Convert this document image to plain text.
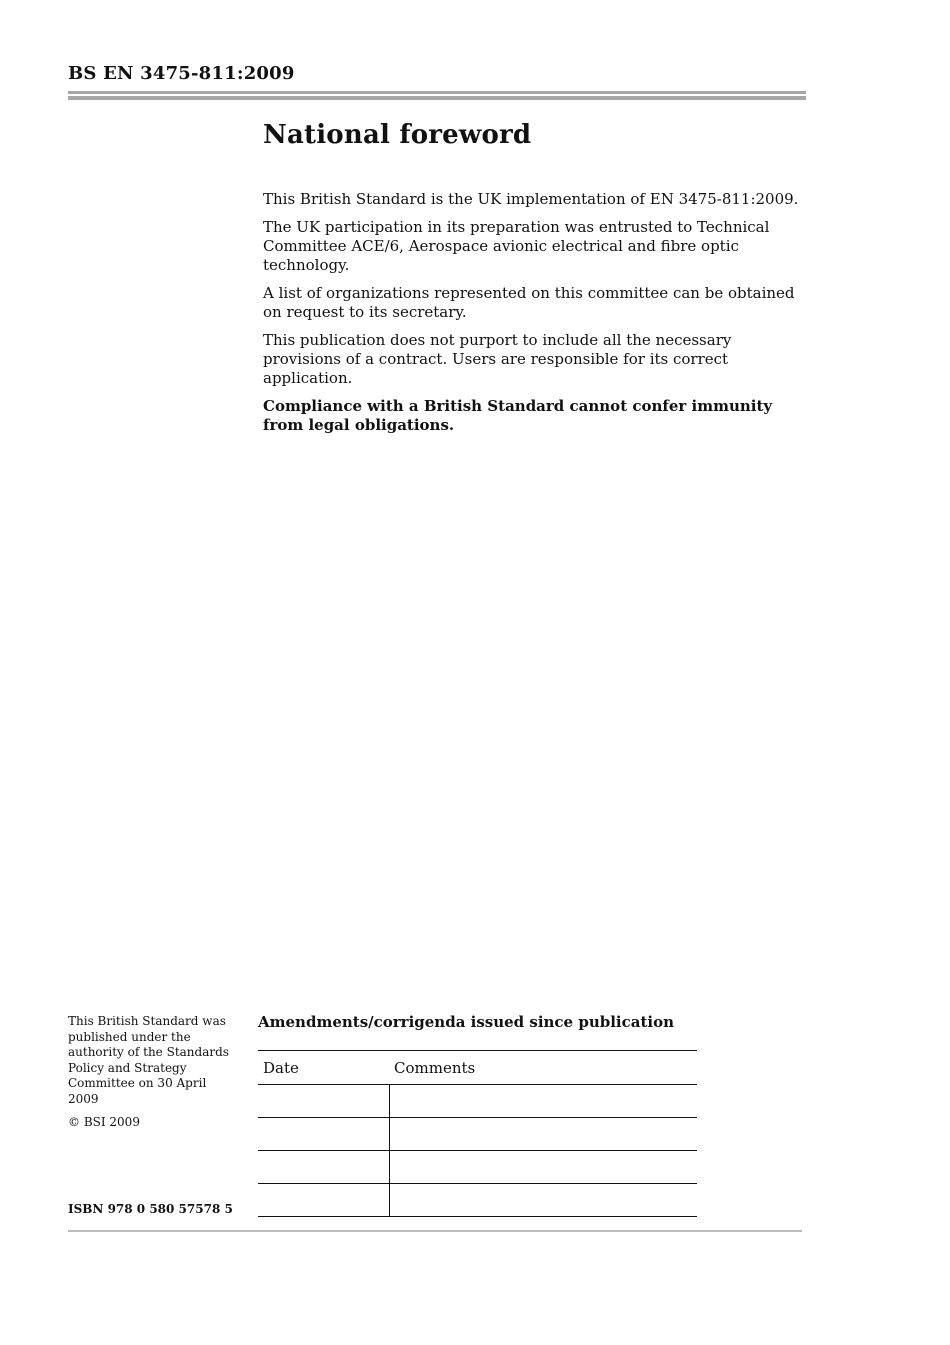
BS EN 3475-811:2009
National foreword

This British Standard is the UK implementation of EN 3475-811:2009.

The UK participation in its preparation was entrusted to Technical Committee ACE/6, Aerospace avionic electrical and fibre optic technology.

A list of organizations represented on this committee can be obtained on request to its secretary.

This publication does not purport to include all the necessary provisions of a contract. Users are responsible for its correct application.

Compliance with a British Standard cannot confer immunity from legal obligations.

This British Standard was published under the authority of the Standards Policy and Strategy Committee on 30 April 2009

© BSI 2009

ISBN 978 0 580 57578 5
Amendments/corrigenda issued since publication
Date	Comments
